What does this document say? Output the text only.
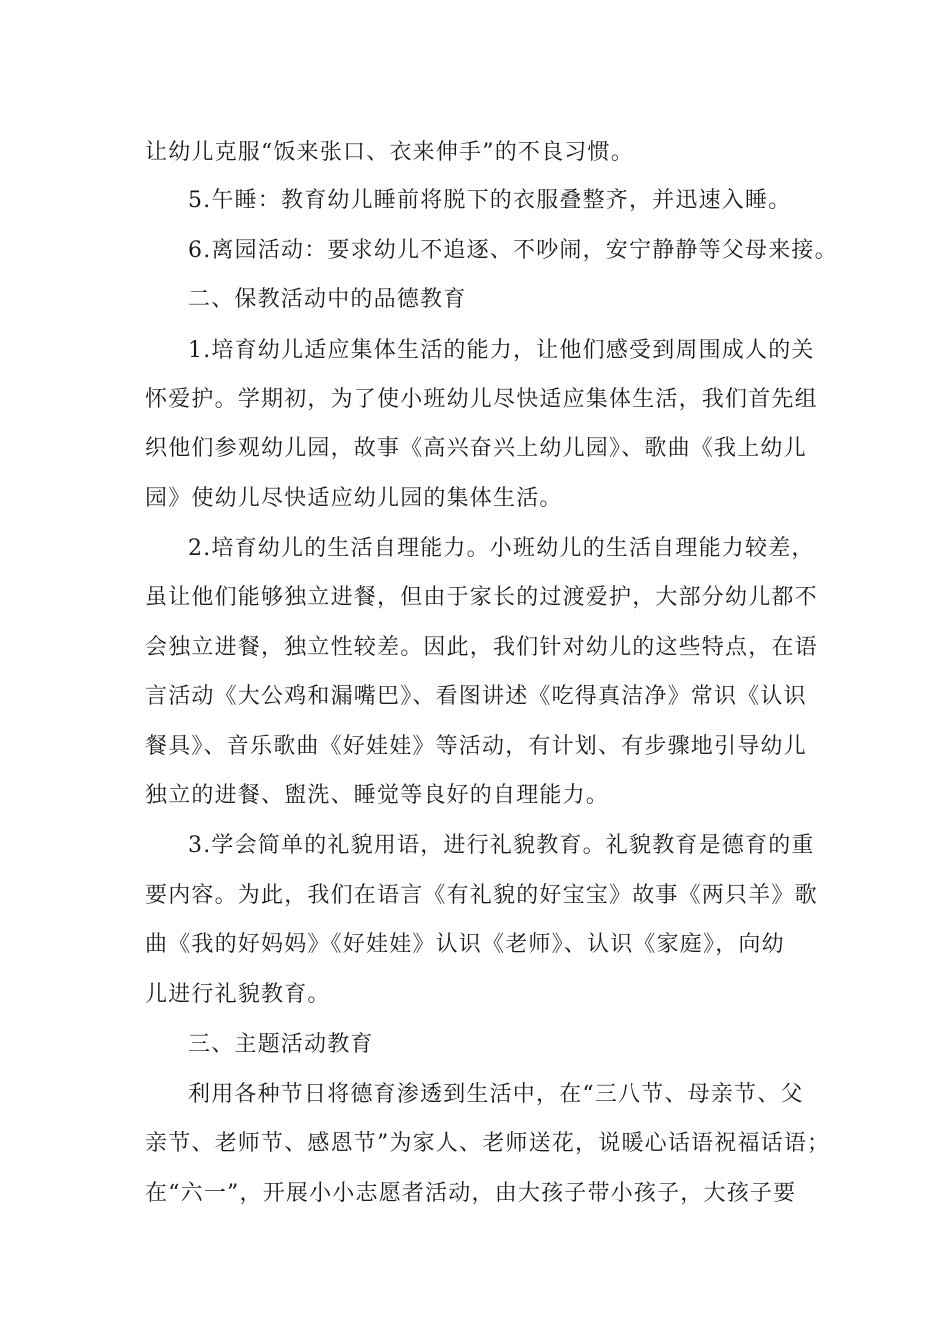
让幼儿克服“饭来张口、衣来伸手”的不良习惯。
5.午睡：教育幼儿睡前将脱下的衣服叠整齐，并迅速入睡。
6.离园活动：要求幼儿不追逐、不吵闹，安宁静静等父母来接。
二、保教活动中的品德教育
1.培育幼儿适应集体生活的能力，让他们感受到周围成人的关
怀爱护。学期初，为了使小班幼儿尽快适应集体生活，我们首先组
织他们参观幼儿园，故事《高兴奋兴上幼儿园》、歌曲《我上幼儿
园》使幼儿尽快适应幼儿园的集体生活。
2.培育幼儿的生活自理能力。小班幼儿的生活自理能力较差，
虽让他们能够独立进餐，但由于家长的过渡爱护，大部分幼儿都不
会独立进餐，独立性较差。因此，我们针对幼儿的这些特点，在语
言活动《大公鸡和漏嘴巴》、看图讲述《吃得真洁净》常识《认识
餐具》、音乐歌曲《好娃娃》等活动，有计划、有步骤地引导幼儿
独立的进餐、盥洗、睡觉等良好的自理能力。
3.学会简单的礼貌用语，进行礼貌教育。礼貌教育是德育的重
要内容。为此，我们在语言《有礼貌的好宝宝》故事《两只羊》歌
曲《我的好妈妈》《好娃娃》认识《老师》、认识《家庭》，向幼
儿进行礼貌教育。
三、主题活动教育
利用各种节日将德育渗透到生活中，在“三八节、母亲节、父
亲节、老师节、感恩节”为家人、老师送花，说暖心话语祝福话语；
在“六一”，开展小小志愿者活动，由大孩子带小孩子，大孩子要
